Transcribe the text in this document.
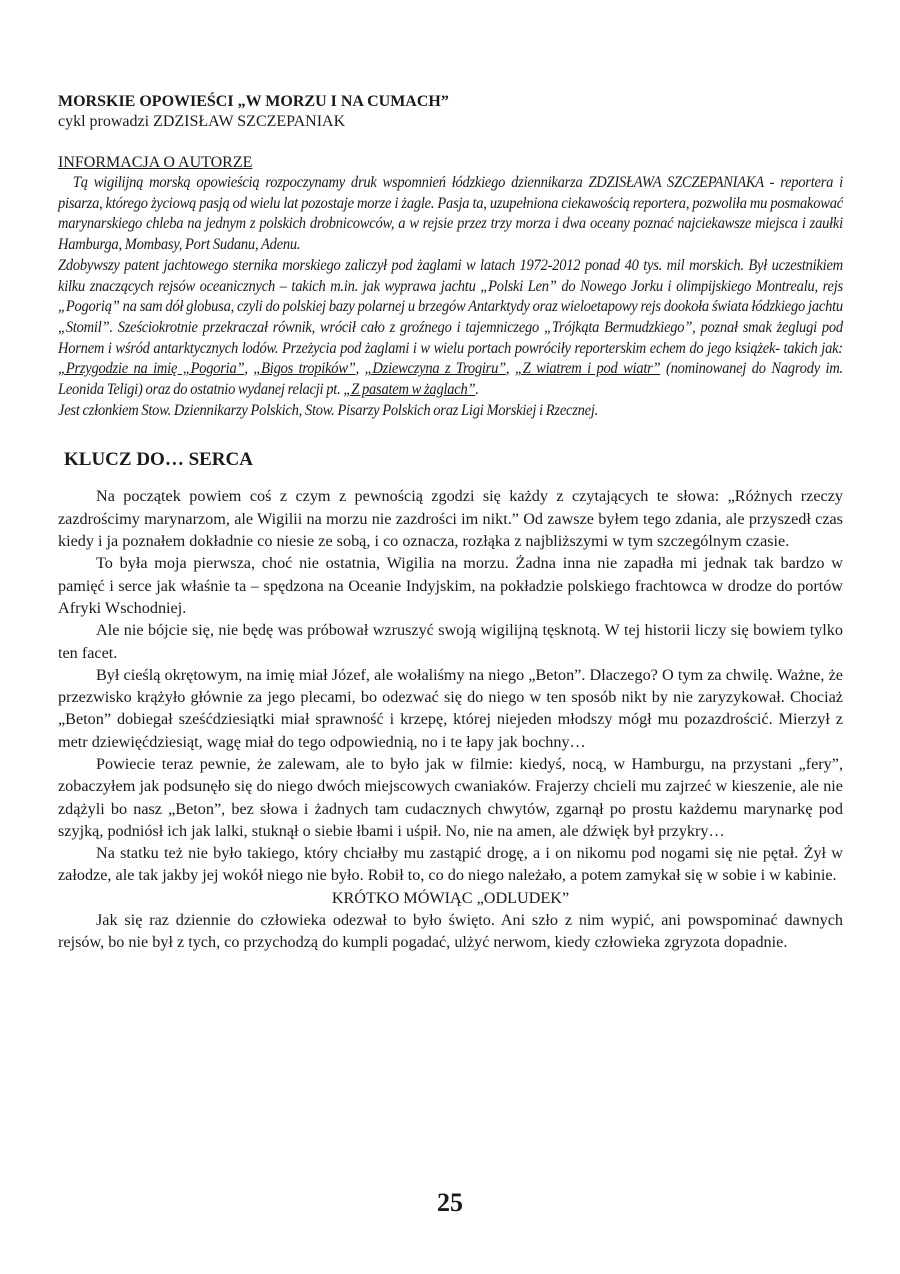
MORSKIE OPOWIEŚCI „W MORZU I NA CUMACH”

cykl prowadzi ZDZISŁAW SZCZEPANIAK

INFORMACJA O AUTORZE

Tą wigilijną morską opowieścią rozpoczynamy druk wspomnień łódzkiego dziennikarza ZDZISŁAWA SZCZEPANIAKA - reportera i pisarza, którego życiową pasją od wielu lat pozostaje morze i żagle. Pasja ta, uzupełniona ciekawością reportera, pozwoliła mu posmakować marynarskiego chleba na jednym z polskich drobnicowców, a w rejsie przez trzy morza i dwa oceany poznać najciekawsze miejsca i zaułki Hamburga, Mombasy, Port Sudanu, Adenu.

Zdobywszy patent jachtowego sternika morskiego zaliczył pod żaglami w latach 1972-2012 ponad 40 tys. mil morskich. Był uczestnikiem kilku znaczących rejsów oceanicznych – takich m.in. jak wyprawa jachtu „Polski Len” do Nowego Jorku i olimpijskiego Montrealu, rejs „Pogorią” na sam dół globusa, czyli do polskiej bazy polarnej u brzegów Antarktydy oraz wieloetapowy rejs dookoła świata łódzkiego jachtu „Stomil”. Sześciokrotnie przekraczał równik, wrócił cało z groźnego i tajemniczego „Trójkąta Bermudzkiego”, poznał smak żeglugi pod Hornem i wśród antarktycznych lodów. Przeżycia pod żaglami i w wielu portach powróciły reporterskim echem do jego książek- takich jak: „Przygodzie na imię „Pogoria”, „Bigos tropików”, „Dziewczyna z Trogiru”, „Z wiatrem i pod wiatr” (nominowanej do Nagrody im. Leonida Teligi) oraz do ostatnio wydanej relacji pt. „Z pasatem w żaglach”.

Jest członkiem Stow. Dziennikarzy Polskich, Stow. Pisarzy Polskich oraz Ligi Morskiej i Rzecznej.

KLUCZ DO… SERCA

Na początek powiem coś z czym z pewnością zgodzi się każdy z czytających te słowa: „Różnych rzeczy zazdrościmy marynarzom, ale Wigilii na morzu nie zazdrości im nikt.” Od zawsze byłem tego zdania, ale przyszedł czas kiedy i ja poznałem dokładnie co niesie ze sobą, i co oznacza, rozłąka z najbliższymi w tym szczególnym czasie.

To była moja pierwsza, choć nie ostatnia, Wigilia na morzu. Żadna inna nie zapadła mi jednak tak bardzo w pamięć i serce jak właśnie ta – spędzona na Oceanie Indyjskim, na pokładzie polskiego frachtowca w drodze do portów Afryki Wschodniej.

Ale nie bójcie się, nie będę was próbował wzruszyć swoją wigilijną tęsknotą. W tej historii liczy się bowiem tylko ten facet.

Był cieślą okrętowym, na imię miał Józef, ale wołaliśmy na niego „Beton”. Dlaczego? O tym za chwilę. Ważne, że przezwisko krążyło głównie za jego plecami, bo odezwać się do niego w ten sposób nikt by nie zaryzykował. Chociaż „Beton” dobiegał sześćdziesiątki miał sprawność i krzepę, której niejeden młodszy mógł mu pozazdrościć. Mierzył z metr dziewięćdziesiąt, wagę miał do tego odpowiednią, no i te łapy jak bochny…

Powiecie teraz pewnie, że zalewam, ale to było jak w filmie: kiedyś, nocą, w Hamburgu, na przystani „fery”, zobaczyłem jak podsunęło się do niego dwóch miejscowych cwaniaków. Frajerzy chcieli mu zajrzeć w kieszenie, ale nie zdążyli bo nasz „Beton”, bez słowa i żadnych tam cudacznych chwytów, zgarnął po prostu każdemu marynarkę pod szyjką, podniósł ich jak lalki, stuknął o siebie łbami i uśpił. No, nie na amen, ale dźwięk był przykry…

Na statku też nie było takiego, który chciałby mu zastąpić drogę, a i on nikomu pod nogami się nie pętał. Żył w załodze, ale tak jakby jej wokół niego nie było. Robił to, co do niego należało, a potem zamykał się w sobie i w kabinie.

KRÓTKO MÓWIĄC „ODLUDEK”

Jak się raz dziennie do człowieka odezwał to było święto. Ani szło z nim wypić, ani powspominać dawnych rejsów, bo nie był z tych, co przychodzą do kumpli pogadać, ulżyć nerwom, kiedy człowieka zgryzota dopadnie.

25
